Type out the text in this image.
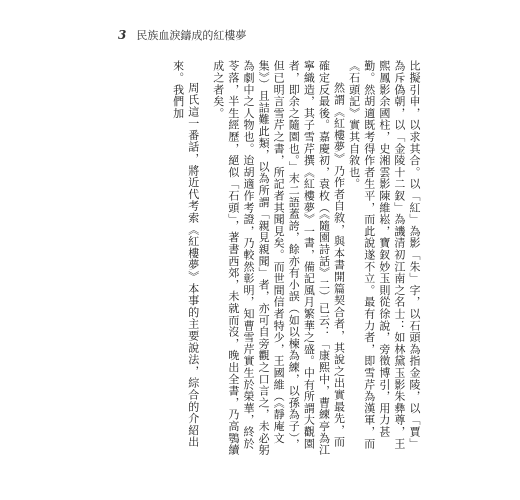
3 民族血淚鑄成的紅樓夢

比擬引申，以求其合。以「紅」為影「朱」字，以石頭為指金陵，以「賈」為斥偽朝，以「金陵十二釵」為譏清初江南之名士：如林黛玉影朱彝尊，王熙鳳影余國柱，史湘雲影陳維崧，寶釵妙玉則從徐說，旁徵博引，用力甚勤。然胡適既考得作者生平，而此說遂不立。最有力者，即雪芹為漢軍，而《石頭記》實其自敘也。

然謂《紅樓夢》乃作者自敘，與本書開篇契合者，其說之出實最先，而確定反最後。嘉慶初，袁枚（《隨園詩話》二）已云：「康熙中，曹練亭為江寧織造，其子雪芹撰《紅樓夢》一書，備記風月繁華之盛。中有所謂大觀園者，即余之隨園也。」末二語蓋誇，餘亦有小誤（如以楝為練，以孫為子），但已明言雪芹之書，所記者其聞見矣。而世間信者特少，王國維（《靜庵文集》）且詰難此類，以為所謂「親見親聞」者，亦可自旁觀之口言之，未必躬為劇中之人物也。迨胡適作考證，乃較然彰明，知曹雪芹實生於榮華，終於苓落，半生經歷，絕似「石頭」，著書西郊，未就而沒，晚出全書，乃高鶚續成之者矣。

周氏這一番話，將近代考索《紅樓夢》本事的主要說法，綜合的介紹出來。我們加
